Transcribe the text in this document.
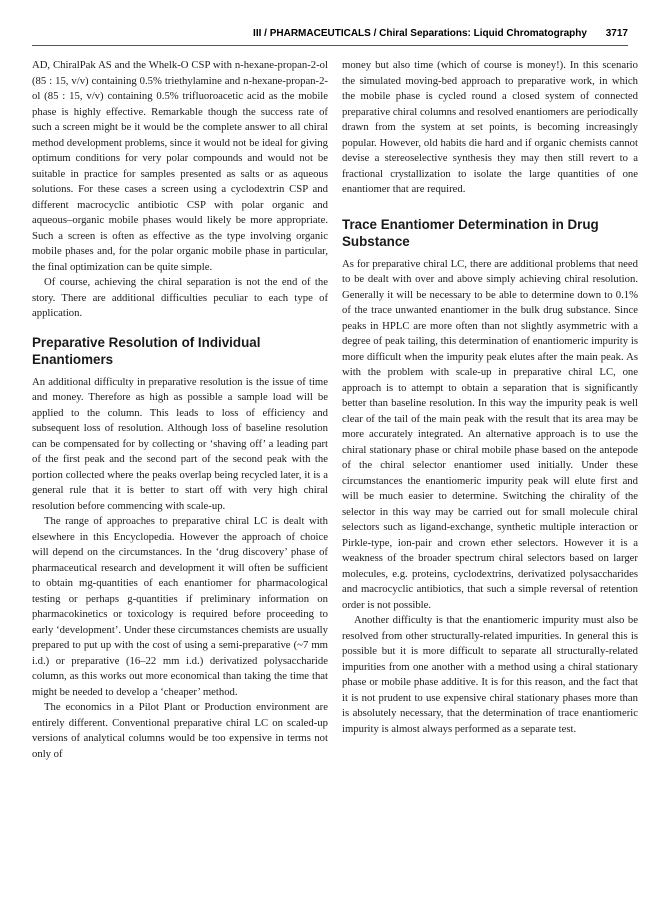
III / PHARMACEUTICALS / Chiral Separations: Liquid Chromatography 3717

AD, ChiralPak AS and the Whelk-O CSP with n-hexane-propan-2-ol (85 : 15, v/v) containing 0.5% triethylamine and n-hexane-propan-2-ol (85 : 15, v/v) containing 0.5% trifluoroacetic acid as the mobile phase is highly effective. Remarkable though the success rate of such a screen might be it would be the complete answer to all chiral method development problems, since it would not be ideal for giving optimum conditions for very polar compounds and would not be suitable in practice for samples presented as salts or as aqueous solutions. For these cases a screen using a cyclodextrin CSP and different macrocyclic antibiotic CSP with polar organic and aqueous–organic mobile phases would likely be more appropriate. Such a screen is often as effective as the type involving organic mobile phases and, for the polar organic mobile phase in particular, the final optimization can be quite simple.

Of course, achieving the chiral separation is not the end of the story. There are additional difficulties peculiar to each type of application.

Preparative Resolution of Individual Enantiomers

An additional difficulty in preparative resolution is the issue of time and money. Therefore as high as possible a sample load will be applied to the column. This leads to loss of efficiency and subsequent loss of resolution. Although loss of baseline resolution can be compensated for by collecting or ‘shaving off’ a leading part of the first peak and the second part of the second peak with the portion collected where the peaks overlap being recycled later, it is a general rule that it is better to start off with very high chiral resolution before commencing with scale-up.

The range of approaches to preparative chiral LC is dealt with elsewhere in this Encyclopedia. However the approach of choice will depend on the circumstances. In the ‘drug discovery’ phase of pharmaceutical research and development it will often be sufficient to obtain mg-quantities of each enantiomer for pharmacological testing or perhaps g-quantities if preliminary information on pharmacokinetics or toxicology is required before proceeding to early ‘development’. Under these circumstances chemists are usually prepared to put up with the cost of using a semi-preparative (~7 mm i.d.) or preparative (16–22 mm i.d.) derivatized polysaccharide column, as this works out more economical than taking the time that might be needed to develop a ‘cheaper’ method.

The economics in a Pilot Plant or Production environment are entirely different. Conventional preparative chiral LC on scaled-up versions of analytical columns would be too expensive in terms not only of

money but also time (which of course is money!). In this scenario the simulated moving-bed approach to preparative work, in which the mobile phase is cycled round a closed system of connected preparative chiral columns and resolved enantiomers are periodically drawn from the system at set points, is becoming increasingly popular. However, old habits die hard and if organic chemists cannot devise a stereoselective synthesis they may then still revert to a fractional crystallization to isolate the large quantities of one enantiomer that are required.

Trace Enantiomer Determination in Drug Substance

As for preparative chiral LC, there are additional problems that need to be dealt with over and above simply achieving chiral resolution. Generally it will be necessary to be able to determine down to 0.1% of the trace unwanted enantiomer in the bulk drug substance. Since peaks in HPLC are more often than not slightly asymmetric with a degree of peak tailing, this determination of enantiomeric impurity is more difficult when the impurity peak elutes after the main peak. As with the problem with scale-up in preparative chiral LC, one approach is to attempt to obtain a separation that is significantly better than baseline resolution. In this way the impurity peak is well clear of the tail of the main peak with the result that its area may be more accurately integrated. An alternative approach is to use the chiral stationary phase or chiral mobile phase based on the antepode of the chiral selector enantiomer used initially. Under these circumstances the enantiomeric impurity peak will elute first and will be much easier to determine. Switching the chirality of the selector in this way may be carried out for small molecule chiral selectors such as ligand-exchange, synthetic multiple interaction or Pirkle-type, ion-pair and crown ether selectors. However it is a weakness of the broader spectrum chiral selectors based on larger molecules, e.g. proteins, cyclodextrins, derivatized polysaccharides and macrocyclic antibiotics, that such a simple reversal of retention order is not possible.

Another difficulty is that the enantiomeric impurity must also be resolved from other structurally-related impurities. In general this is possible but it is more difficult to separate all structurally-related impurities from one another with a method using a chiral stationary phase or mobile phase additive. It is for this reason, and the fact that it is not prudent to use expensive chiral stationary phases more than is absolutely necessary, that the determination of trace enantiomeric impurity is almost always performed as a separate test.
